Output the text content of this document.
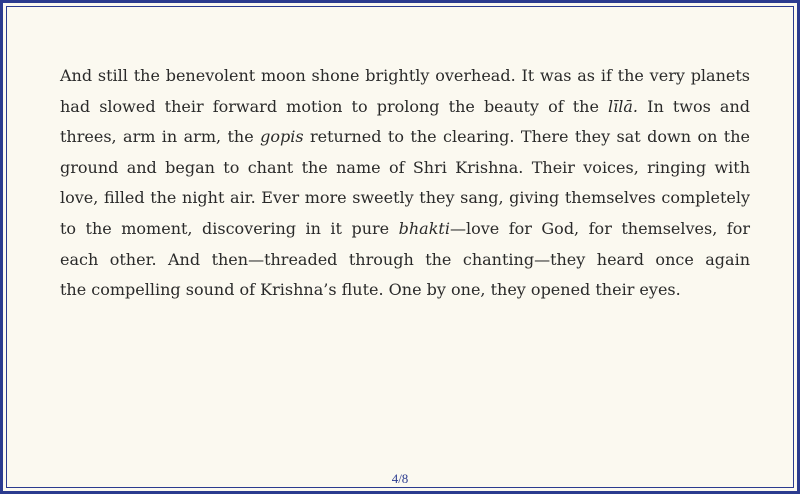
And still the benevolent moon shone brightly overhead. It was as if the very planets
had slowed their forward motion to prolong the beauty of the līlā. In twos and
threes, arm in arm, the gopis returned to the clearing. There they sat down on the
ground and began to chant the name of Shri Krishna. Their voices, ringing with
love, filled the night air. Ever more sweetly they sang, giving themselves completely
to the moment, discovering in it pure bhakti—love for God, for themselves, for
each other. And then—threaded through the chanting—they heard once again
the compelling sound of Krishna’s flute. One by one, they opened their eyes.

4/8
